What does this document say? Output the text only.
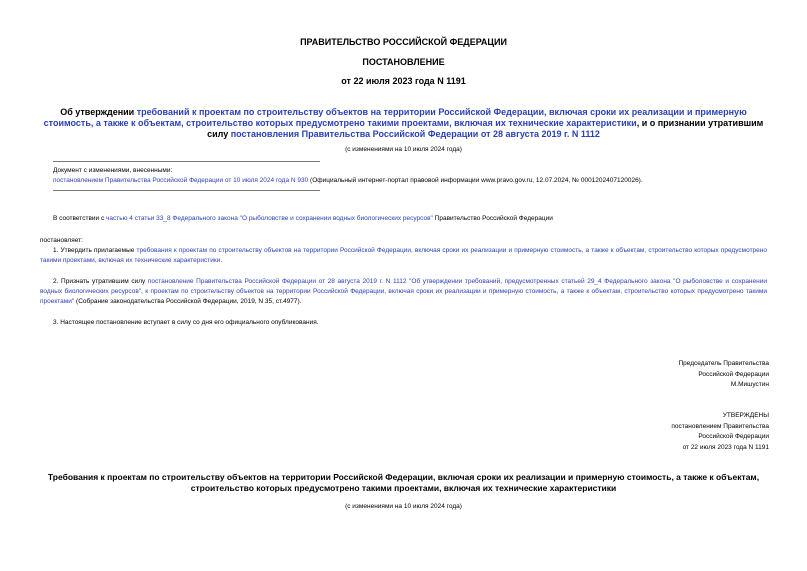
ПРАВИТЕЛЬСТВО РОССИЙСКОЙ ФЕДЕРАЦИИ
ПОСТАНОВЛЕНИЕ
от 22 июля 2023 года N 1191
Об утверждении требований к проектам по строительству объектов на территории Российской Федерации, включая сроки их реализации и примерную стоимость, а также к объектам, строительство которых предусмотрено такими проектами, включая их технические характеристики, и о признании утратившим силу постановления Правительства Российской Федерации от 28 августа 2019 г. N 1112
(с изменениями на 10 июля 2024 года)
Документ с изменениями, внесенными:
постановлением Правительства Российской Федерации от 10 июля 2024 года N 930 (Официальный интернет-портал правовой информации www.pravo.gov.ru, 12.07.2024, № 0001202407120026).
В соответствии с частью 4 статьи 33_8 Федерального закона "О рыболовстве и сохранении водных биологических ресурсов" Правительство Российской Федерации
постановляет:
1. Утвердить прилагаемые требования к проектам по строительству объектов на территории Российской Федерации, включая сроки их реализации и примерную стоимость, а также к объектам, строительство которых предусмотрено такими проектами, включая их технические характеристики.
2. Признать утратившим силу постановление Правительства Российской Федерации от 28 августа 2019 г. N 1112 "Об утверждении требований, предусмотренных статьей 29_4 Федерального закона "О рыболовстве и сохранении водных биологических ресурсов", к проектам по строительству объектов на территории Российской Федерации, включая сроки их реализации и примерную стоимость, а также к объектам, строительство которых предусмотрено такими проектами" (Собрание законодательства Российской Федерации, 2019, N 35, ст.4977).
3. Настоящее постановление вступает в силу со дня его официального опубликования.
Председатель Правительства
Российской Федерации
М.Мишустин
УТВЕРЖДЕНЫ
постановлением Правительства
Российской Федерации
от 22 июля 2023 года N 1191
Требования к проектам по строительству объектов на территории Российской Федерации, включая сроки их реализации и примерную стоимость, а также к объектам, строительство которых предусмотрено такими проектами, включая их технические характеристики
(с изменениями на 10 июля 2024 года)
